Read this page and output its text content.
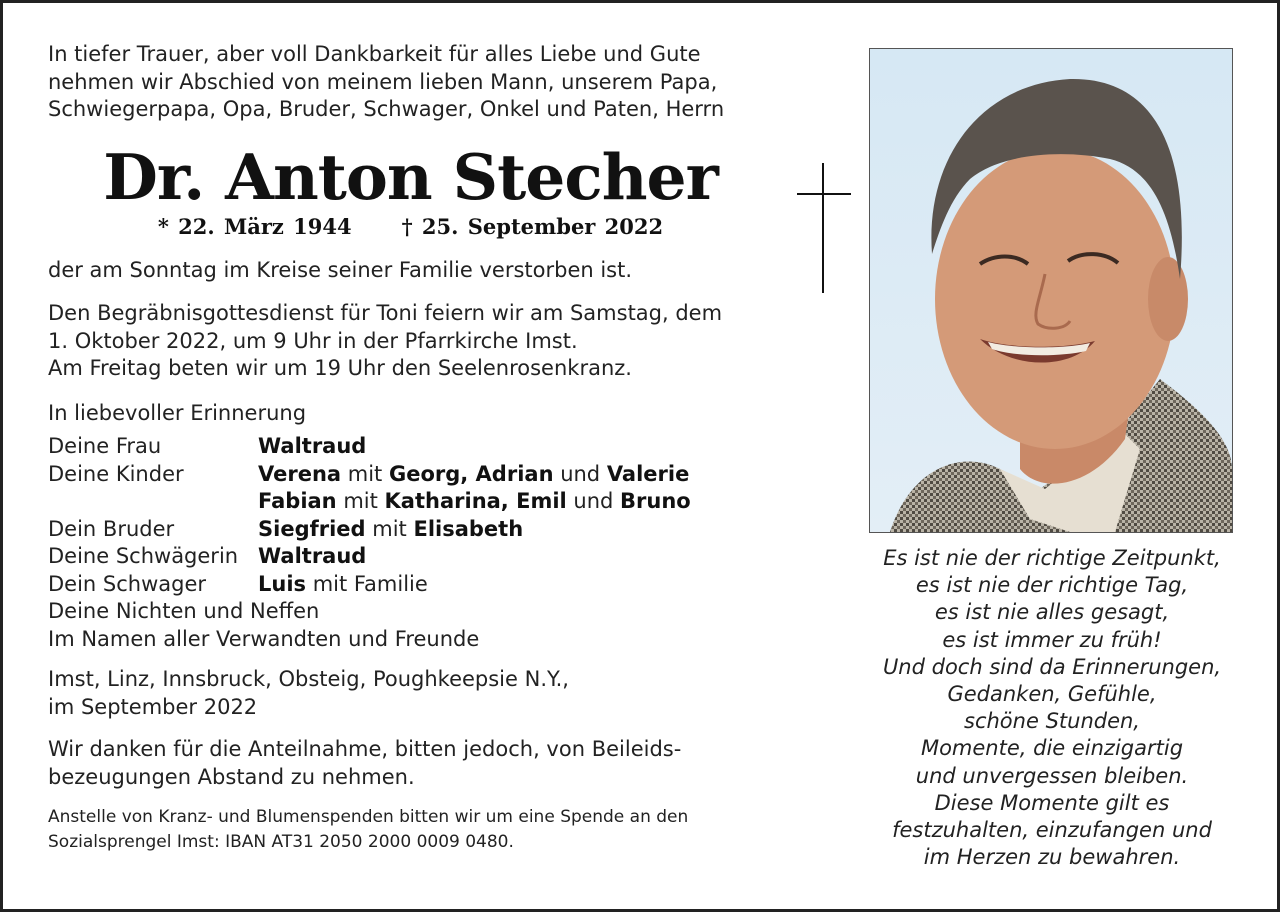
In tiefer Trauer, aber voll Dankbarkeit für alles Liebe und Gute
nehmen wir Abschied von meinem lieben Mann, unserem Papa,
Schwiegerpapa, Opa, Bruder, Schwager, Onkel und Paten, Herrn
Dr. Anton Stecher
* 22. März 1944 † 25. September 2022
der am Sonntag im Kreise seiner Familie verstorben ist.
Den Begräbnisgottesdienst für Toni feiern wir am Samstag, dem
1. Oktober 2022, um 9 Uhr in der Pfarrkirche Imst.
Am Freitag beten wir um 19 Uhr den Seelenrosenkranz.
In liebevoller Erinnerung
Deine Frau	Waltraud
Deine Kinder	Verena mit Georg, Adrian und Valerie
	Fabian mit Katharina, Emil und Bruno
Dein Bruder	Siegfried mit Elisabeth
Deine Schwägerin	Waltraud
Dein Schwager	Luis mit Familie
Deine Nichten und Neffen
Im Namen aller Verwandten und Freunde
Imst, Linz, Innsbruck, Obsteig, Poughkeepsie N.Y.,
im September 2022
Wir danken für die Anteilnahme, bitten jedoch, von Beileids-
bezeugungen Abstand zu nehmen.
Anstelle von Kranz- und Blumenspenden bitten wir um eine Spende an den
Sozialsprengel Imst: IBAN AT31 2050 2000 0009 0480.
Es ist nie der richtige Zeitpunkt,
es ist nie der richtige Tag,
es ist nie alles gesagt,
es ist immer zu früh!
Und doch sind da Erinnerungen,
Gedanken, Gefühle,
schöne Stunden,
Momente, die einzigartig
und unvergessen bleiben.
Diese Momente gilt es
festzuhalten, einzufangen und
im Herzen zu bewahren.
